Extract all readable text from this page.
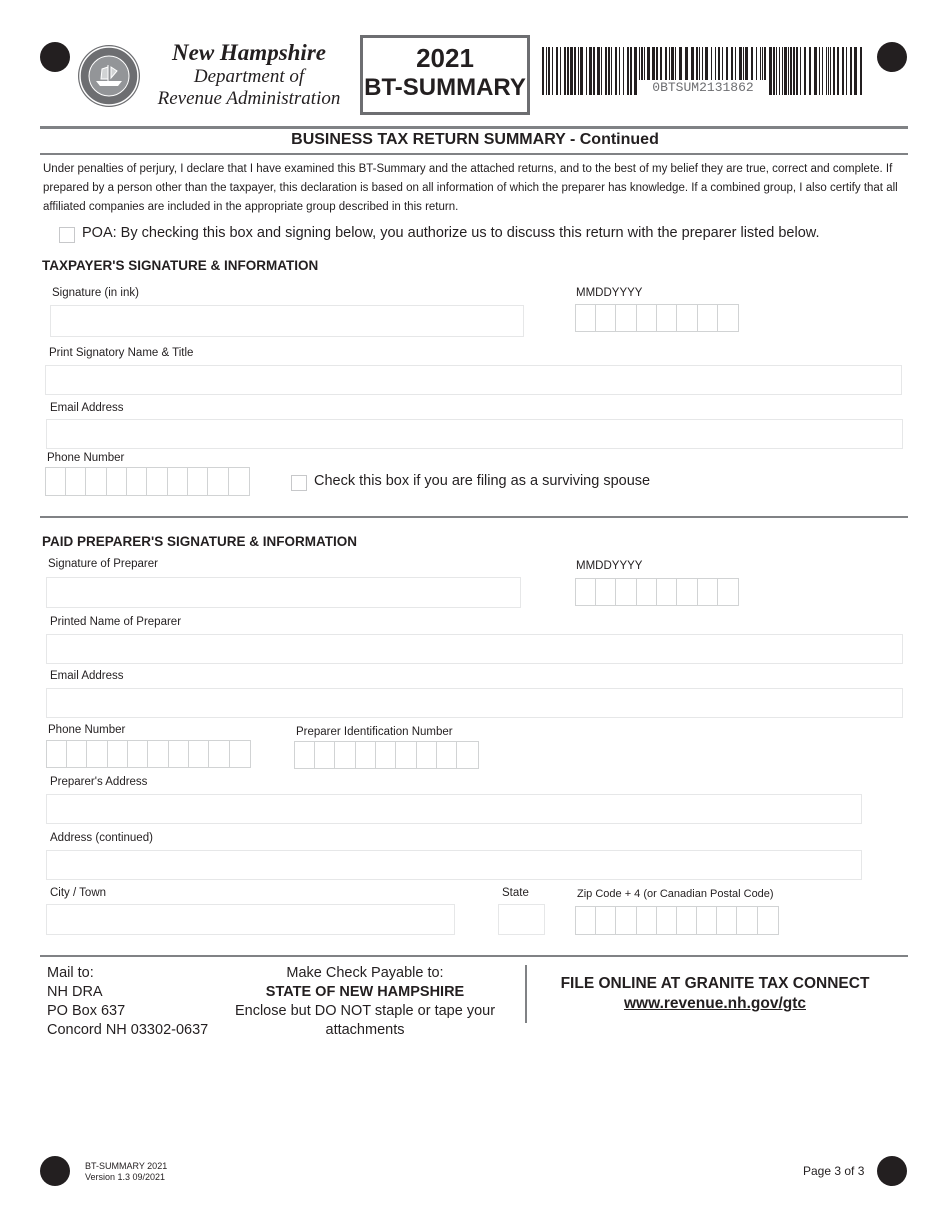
New Hampshire
Department of
Revenue Administration
2021
BT-SUMMARY	0BTSUM2131862
BUSINESS TAX RETURN SUMMARY - Continued
Under penalties of perjury, I declare that I have examined this BT-Summary and the attached returns, and to the best of my belief they are true, correct and complete. If prepared by a person other than the taxpayer, this declaration is based on all information of which the preparer has knowledge. If a combined group, I also certify that all affiliated companies are included in the appropriate group described in this return.
POA: By checking this box and signing below, you authorize us to discuss this return with the preparer listed below.
TAXPAYER'S SIGNATURE & INFORMATION
Signature (in ink)	MMDDYYYY
Print Signatory Name & Title
Email Address
Phone Number
Check this box if you are filing as a surviving spouse
PAID PREPARER'S SIGNATURE & INFORMATION
Signature of Preparer	MMDDYYYY
Printed Name of Preparer
Email Address
Phone Number	Preparer Identification Number
Preparer's Address
Address (continued)
City / Town	State	Zip Code + 4 (or Canadian Postal Code)
Mail to:
NH DRA
PO Box 637
Concord NH 03302-0637
Make Check Payable to:
STATE OF NEW HAMPSHIRE
Enclose but DO NOT staple or tape your
attachments
FILE ONLINE AT GRANITE TAX CONNECT
www.revenue.nh.gov/gtc
BT-SUMMARY 2021
Version 1.3 09/2021	Page 3 of 3
